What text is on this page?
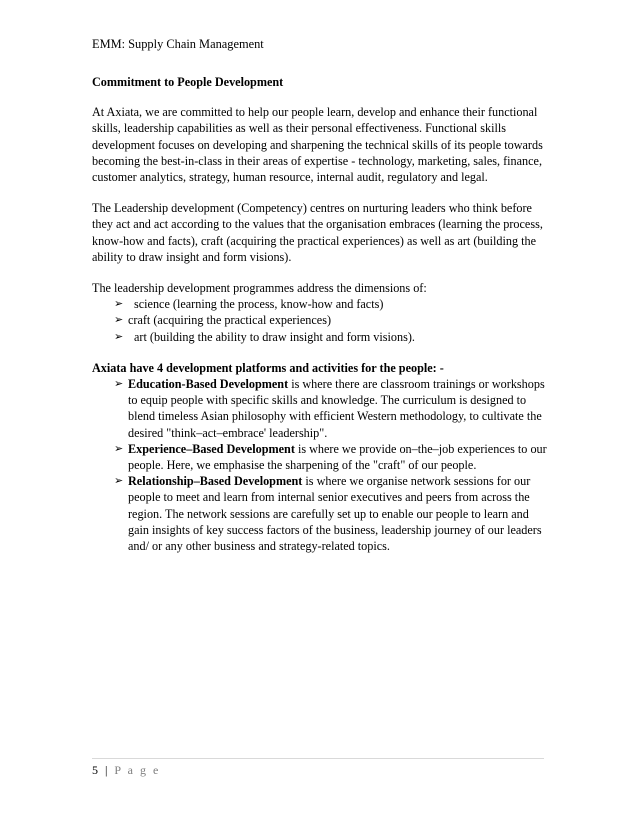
EMM: Supply Chain Management
Commitment to People Development

At Axiata, we are committed to help our people learn, develop and enhance their functional skills, leadership capabilities as well as their personal effectiveness. Functional skills development focuses on developing and sharpening the technical skills of its people towards becoming the best-in-class in their areas of expertise - technology, marketing, sales, finance, customer analytics, strategy, human resource, internal audit, regulatory and legal.

The Leadership development (Competency) centres on nurturing leaders who think before they act and act according to the values that the organisation embraces (learning the process, know-how and facts), craft (acquiring the practical experiences) as well as art (building the ability to draw insight and form visions).

The leadership development programmes address the dimensions of:

➢ science (learning the process, know-how and facts)
➢ craft (acquiring the practical experiences)
➢ art (building the ability to draw insight and form visions).
Axiata have 4 development platforms and activities for the people: -
➢ Education-Based Development is where there are classroom trainings or workshops to equip people with specific skills and knowledge. The curriculum is designed to blend timeless Asian philosophy with efficient Western methodology, to cultivate the desired "think–act–embrace' leadership".
➢ Experience–Based Development is where we provide on–the–job experiences to our people. Here, we emphasise the sharpening of the "craft" of our people.
➢ Relationship–Based Development is where we organise network sessions for our people to meet and learn from internal senior executives and peers from across the region. The network sessions are carefully set up to enable our people to learn and gain insights of key success factors of the business, leadership journey of our leaders and/ or any other business and strategy-related topics.
5 | P a g e
